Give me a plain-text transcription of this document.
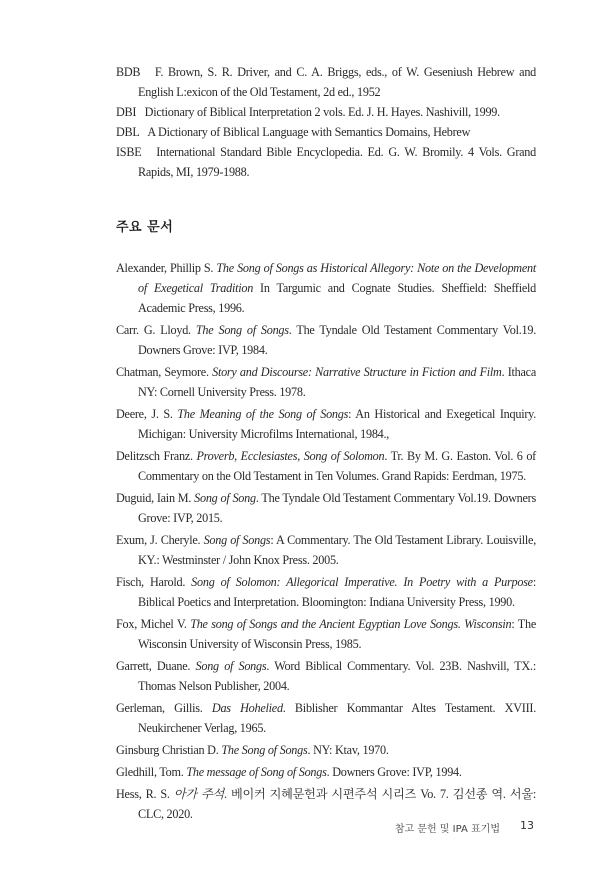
BDB F. Brown, S. R. Driver, and C. A. Briggs, eds., of W. Geseniush Hebrew and English L:exicon of the Old Testament, 2d ed., 1952

DBI Dictionary of Biblical Interpretation 2 vols. Ed. J. H. Hayes. Nashivill, 1999.

DBL A Dictionary of Biblical Language with Semantics Domains, Hebrew

ISBE International Standard Bible Encyclopedia. Ed. G. W. Bromily. 4 Vols. Grand Rapids, MI, 1979-1988.

주요 문서

Alexander, Phillip S. The Song of Songs as Historical Allegory: Note on the Development of Exegetical Tradition In Targumic and Cognate Studies. Sheffield: Sheffield Academic Press, 1996.

Carr. G. Lloyd. The Song of Songs. The Tyndale Old Testament Commentary Vol.19. Downers Grove: IVP, 1984.

Chatman, Seymore. Story and Discourse: Narrative Structure in Fiction and Film. Ithaca NY: Cornell University Press. 1978.

Deere, J. S. The Meaning of the Song of Songs: An Historical and Exegetical Inquiry. Michigan: University Microfilms International, 1984.,

Delitzsch Franz. Proverb, Ecclesiastes, Song of Solomon. Tr. By M. G. Easton. Vol. 6 of Commentary on the Old Testament in Ten Volumes. Grand Rapids: Eerdman, 1975.

Duguid, Iain M. Song of Song. The Tyndale Old Testament Commentary Vol.19. Downers Grove: IVP, 2015.

Exum, J. Cheryle. Song of Songs: A Commentary. The Old Testament Library. Louisville, KY.: Westminster / John Knox Press. 2005.

Fisch, Harold. Song of Solomon: Allegorical Imperative. In Poetry with a Purpose: Biblical Poetics and Interpretation. Bloomington: Indiana University Press, 1990.

Fox, Michel V. The song of Songs and the Ancient Egyptian Love Songs. Wisconsin: The Wisconsin University of Wisconsin Press, 1985.

Garrett, Duane. Song of Songs. Word Biblical Commentary. Vol. 23B. Nashvill, TX.: Thomas Nelson Publisher, 2004.

Gerleman, Gillis. Das Hohelied. Biblisher Kommantar Altes Testament. XVIII. Neukirchener Verlag, 1965.

Ginsburg Christian D. The Song of Songs. NY: Ktav, 1970.

Gledhill, Tom. The message of Song of Songs. Downers Grove: IVP, 1994.

Hess, R. S. 아가 주석. 베이커 지혜문헌과 시편주석 시리즈 Vo. 7. 김선종 역. 서울: CLC, 2020.

참고 문헌 및 IPA 표기법 13
